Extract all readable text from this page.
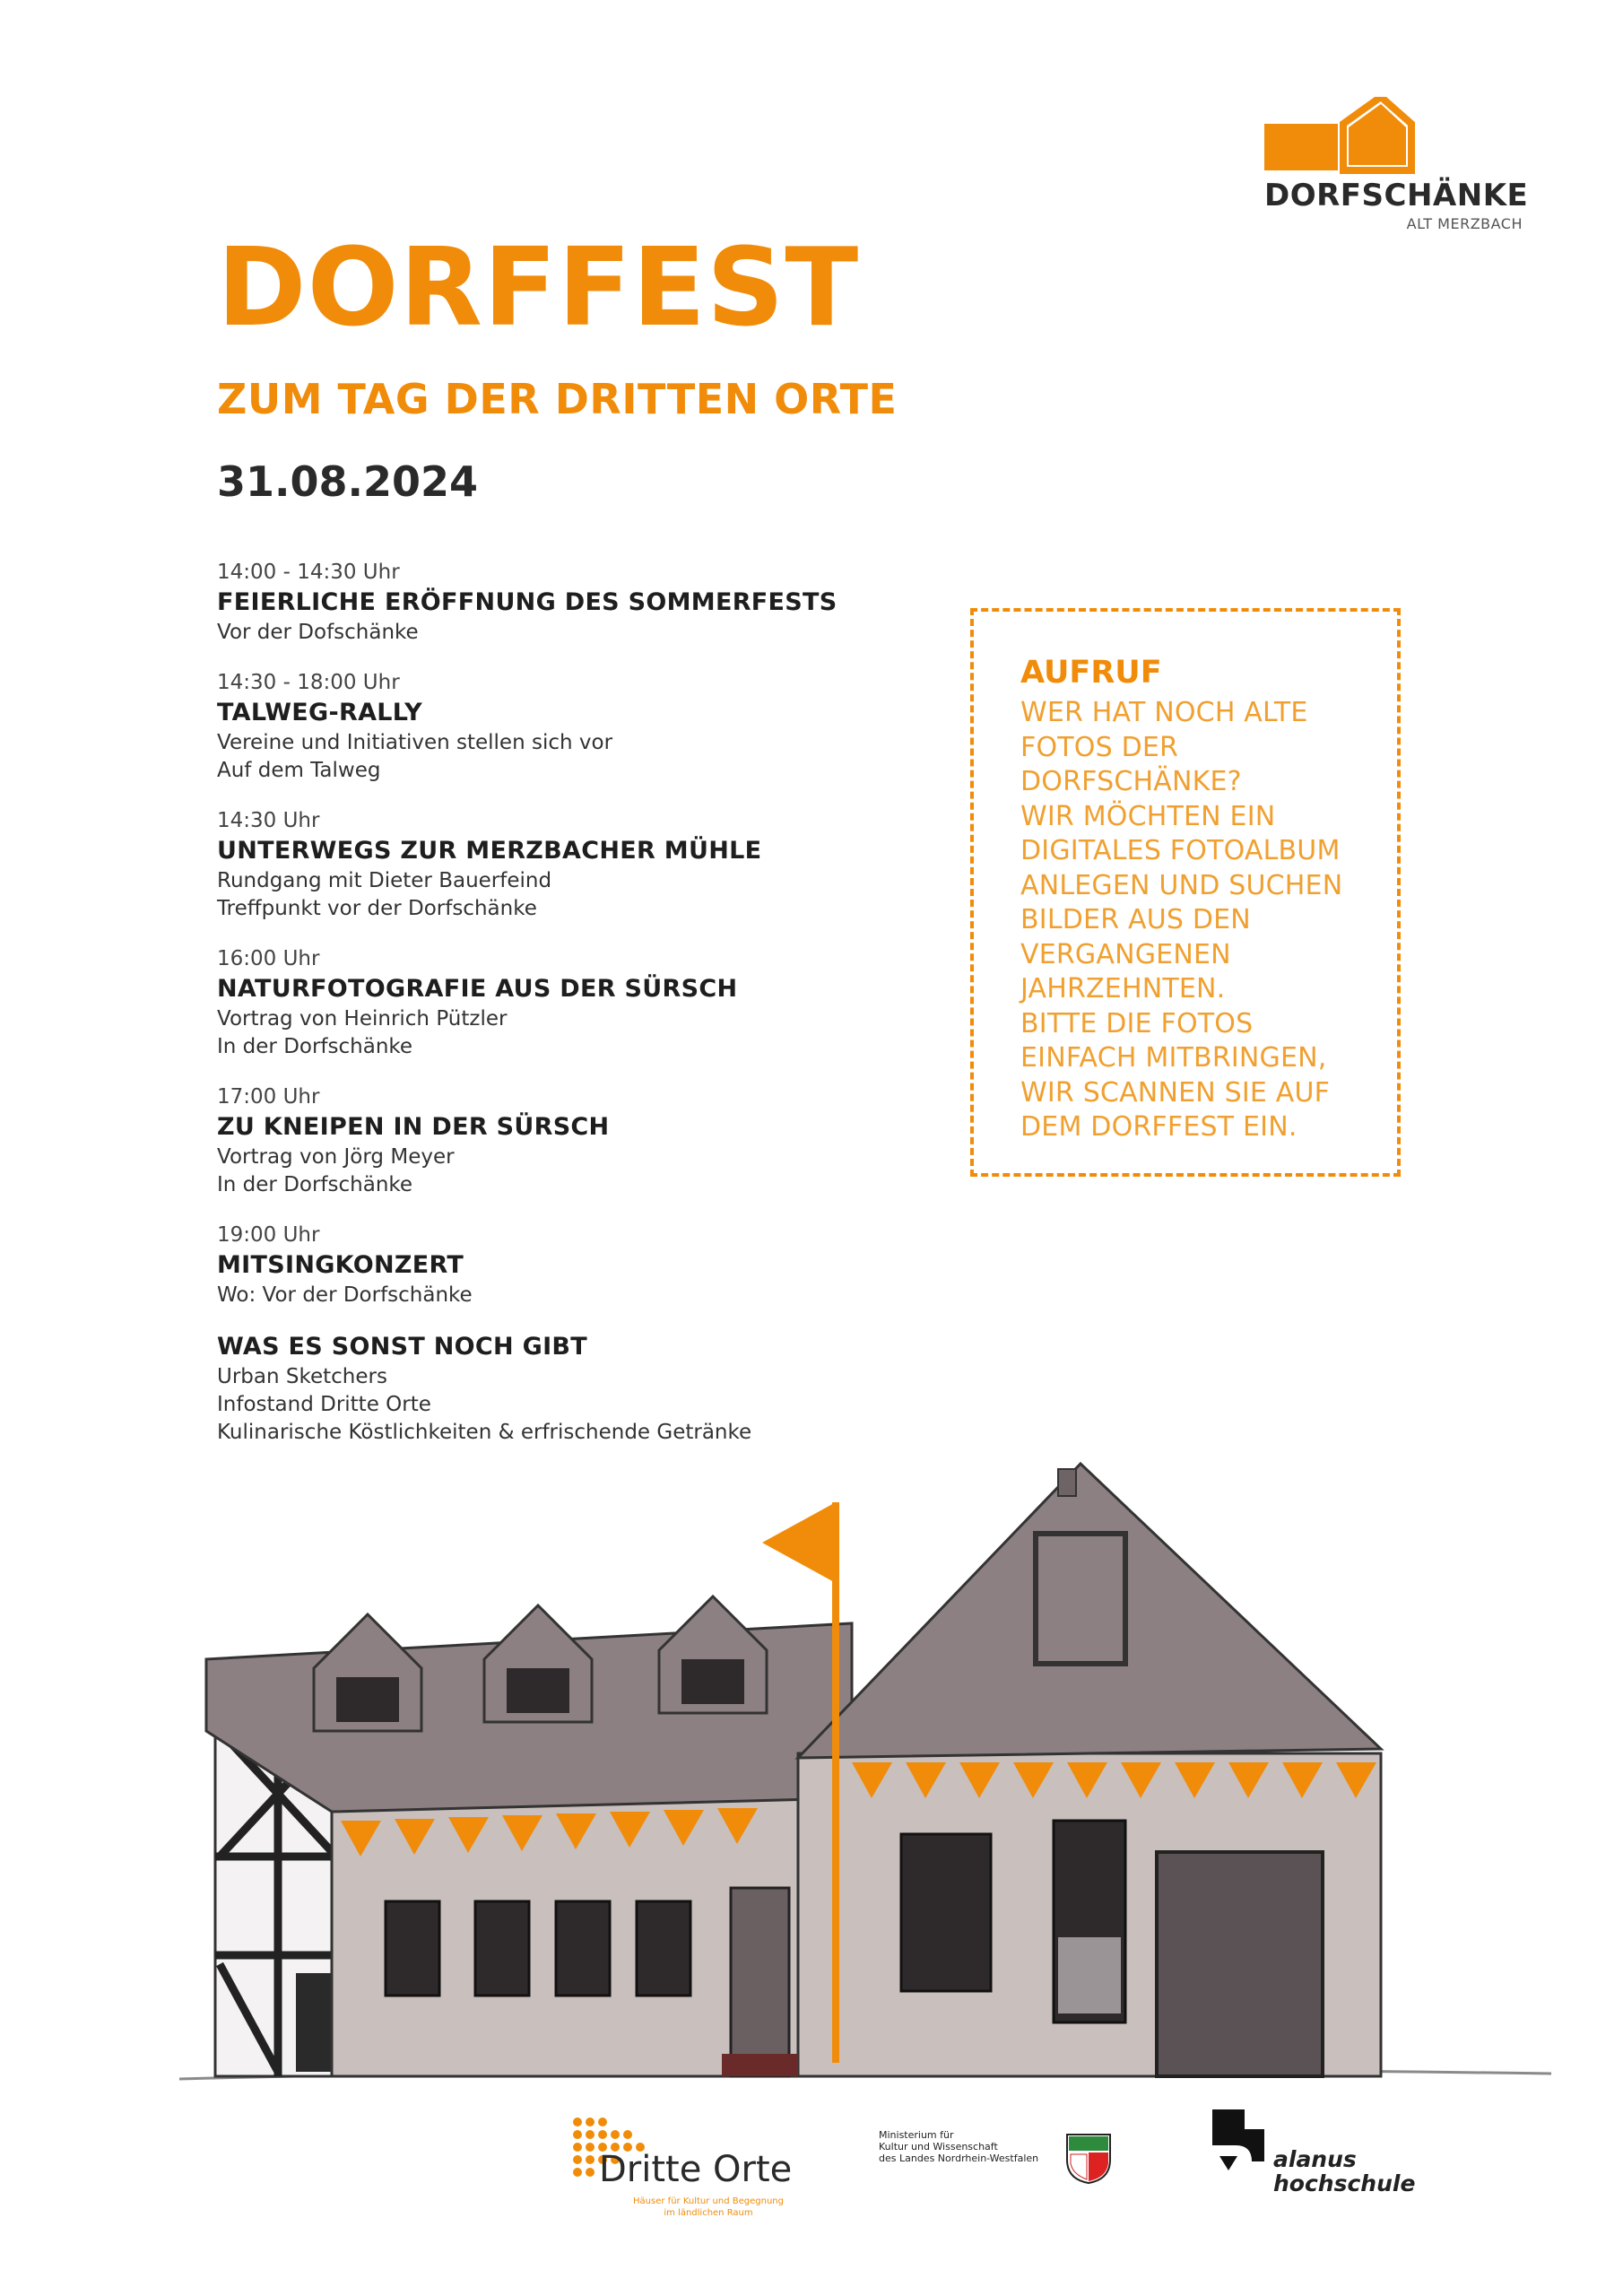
DORFSCHÄNKE
ALT MERZBACH
DORFFEST
ZUM TAG DER DRITTEN ORTE
31.08.2024
14:00 - 14:30 Uhr
FEIERLICHE ERÖFFNUNG DES SOMMERFESTS
Vor der Dofschänke
14:30 - 18:00 Uhr
TALWEG-RALLY
Vereine und Initiativen stellen sich vor
Auf dem Talweg
14:30 Uhr
UNTERWEGS ZUR MERZBACHER MÜHLE
Rundgang mit Dieter Bauerfeind
Treffpunkt vor der Dorfschänke
16:00 Uhr
NATURFOTOGRAFIE AUS DER SÜRSCH
Vortrag von Heinrich Pützler
In der Dorfschänke
17:00 Uhr
ZU KNEIPEN IN DER SÜRSCH
Vortrag von Jörg Meyer
In der Dorfschänke
19:00 Uhr
MITSINGKONZERT
Wo: Vor der Dorfschänke
WAS ES SONST NOCH GIBT
Urban Sketchers
Infostand Dritte Orte
Kulinarische Köstlichkeiten & erfrischende Getränke
AUFRUF
WER HAT NOCH ALTE
FOTOS DER
DORFSCHÄNKE?
WIR MÖCHTEN EIN
DIGITALES FOTOALBUM
ANLEGEN UND SUCHEN
BILDER AUS DEN
VERGANGENEN
JAHRZEHNTEN.
BITTE DIE FOTOS
EINFACH MITBRINGEN,
WIR SCANNEN SIE AUF
DEM DORFFEST EIN.
Dritte Orte
Häuser für Kultur und Begegnung
im ländlichen Raum
Ministerium für
Kultur und Wissenschaft
des Landes Nordrhein-Westfalen	alanus
hochschule
